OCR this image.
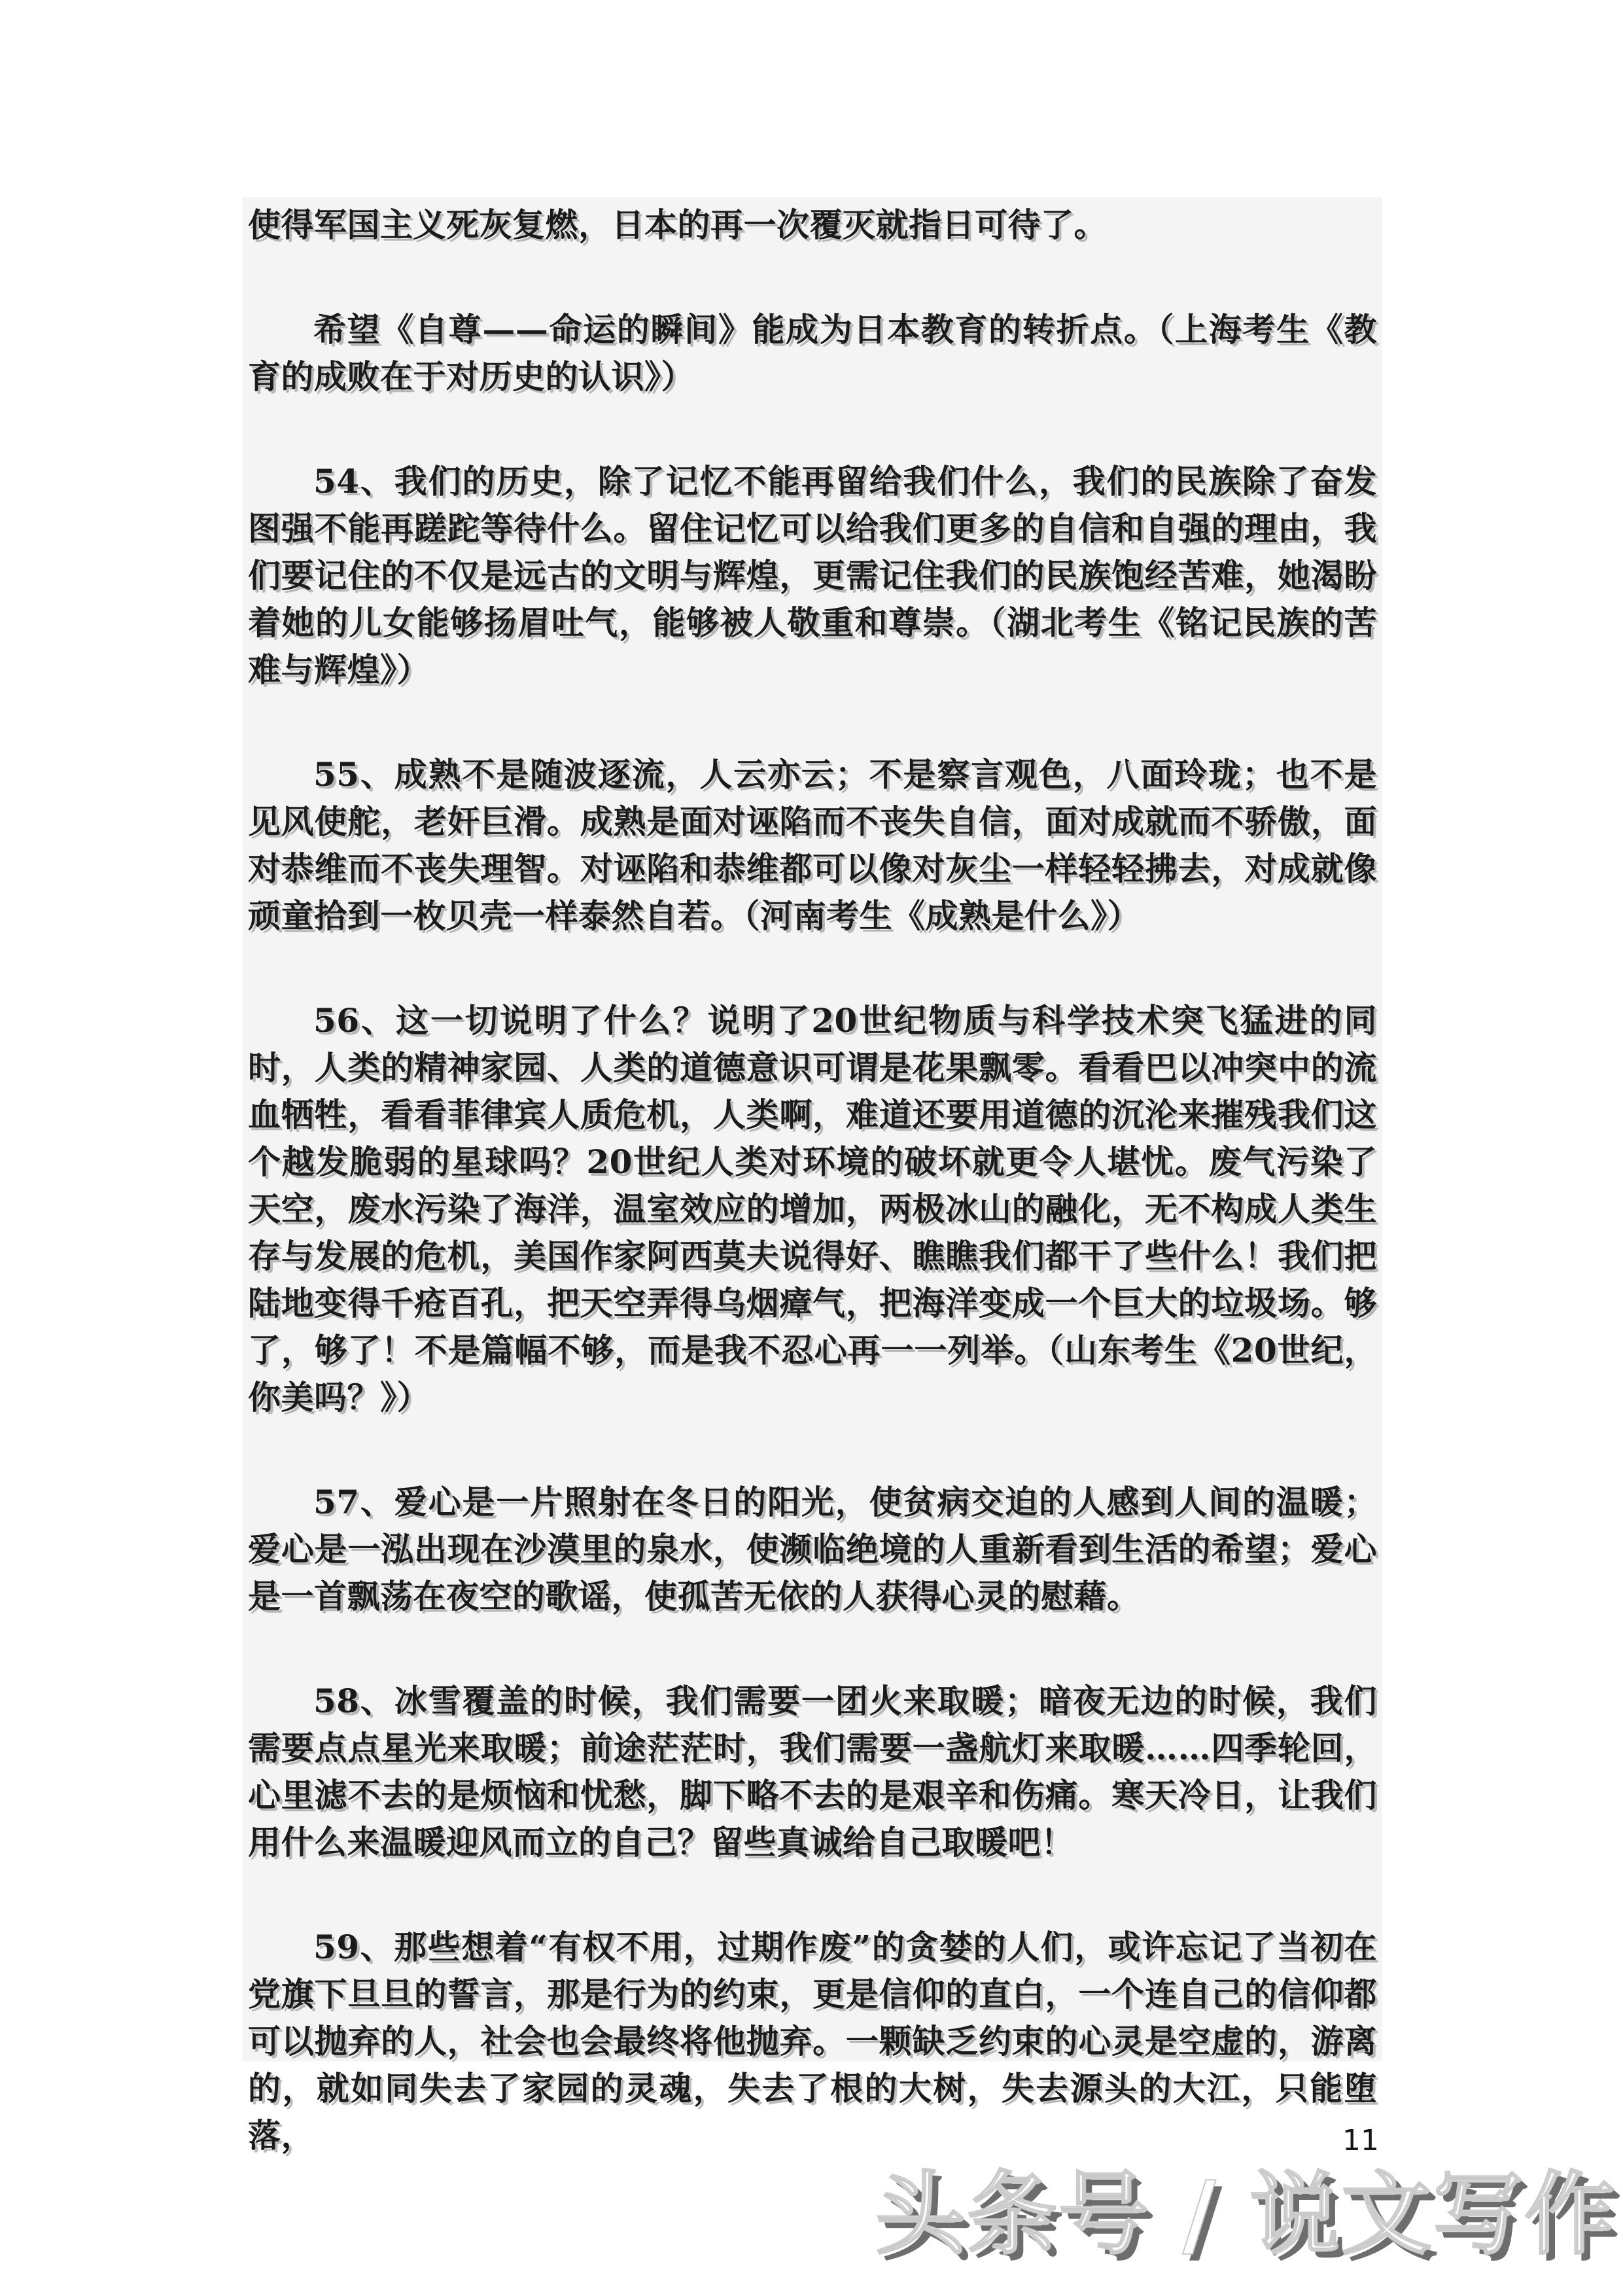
使得军国主义死灰复燃，日本的再一次覆灭就指日可待了。

希望《自尊——命运的瞬间》能成为日本教育的转折点。（上海考生《教育的成败在于对历史的认识》）

54、我们的历史，除了记忆不能再留给我们什么，我们的民族除了奋发图强不能再蹉跎等待什么。留住记忆可以给我们更多的自信和自强的理由，我们要记住的不仅是远古的文明与辉煌，更需记住我们的民族饱经苦难，她渴盼着她的儿女能够扬眉吐气，能够被人敬重和尊崇。（湖北考生《铭记民族的苦难与辉煌》）

55、成熟不是随波逐流，人云亦云；不是察言观色，八面玲珑；也不是见风使舵，老奸巨滑。成熟是面对诬陷而不丧失自信，面对成就而不骄傲，面对恭维而不丧失理智。对诬陷和恭维都可以像对灰尘一样轻轻拂去，对成就像顽童拾到一枚贝壳一样泰然自若。（河南考生《成熟是什么》）

56、这一切说明了什么？说明了20世纪物质与科学技术突飞猛进的同时，人类的精神家园、人类的道德意识可谓是花果飘零。看看巴以冲突中的流血牺牲，看看菲律宾人质危机，人类啊，难道还要用道德的沉沦来摧残我们这个越发脆弱的星球吗？20世纪人类对环境的破坏就更令人堪忧。废气污染了天空，废水污染了海洋，温室效应的增加，两极冰山的融化，无不构成人类生存与发展的危机，美国作家阿西莫夫说得好、瞧瞧我们都干了些什么！我们把陆地变得千疮百孔，把天空弄得乌烟瘴气，把海洋变成一个巨大的垃圾场。够了，够了！不是篇幅不够，而是我不忍心再一一列举。（山东考生《20世纪，你美吗？》）

57、爱心是一片照射在冬日的阳光，使贫病交迫的人感到人间的温暖；爱心是一泓出现在沙漠里的泉水，使濒临绝境的人重新看到生活的希望；爱心是一首飘荡在夜空的歌谣，使孤苦无依的人获得心灵的慰藉。

58、冰雪覆盖的时候，我们需要一团火来取暖；暗夜无边的时候，我们需要点点星光来取暖；前途茫茫时，我们需要一盏航灯来取暖……四季轮回，心里滤不去的是烦恼和忧愁，脚下略不去的是艰辛和伤痛。寒天冷日，让我们用什么来温暖迎风而立的自己？留些真诚给自己取暖吧！

59、那些想着“有权不用，过期作废”的贪婪的人们，或许忘记了当初在党旗下旦旦的誓言，那是行为的约束，更是信仰的直白，一个连自己的信仰都可以抛弃的人，社会也会最终将他抛弃。一颗缺乏约束的心灵是空虚的，游离的，就如同失去了家园的灵魂，失去了根的大树，失去源头的大江，只能堕落，	11
头条号 / 说文写作
